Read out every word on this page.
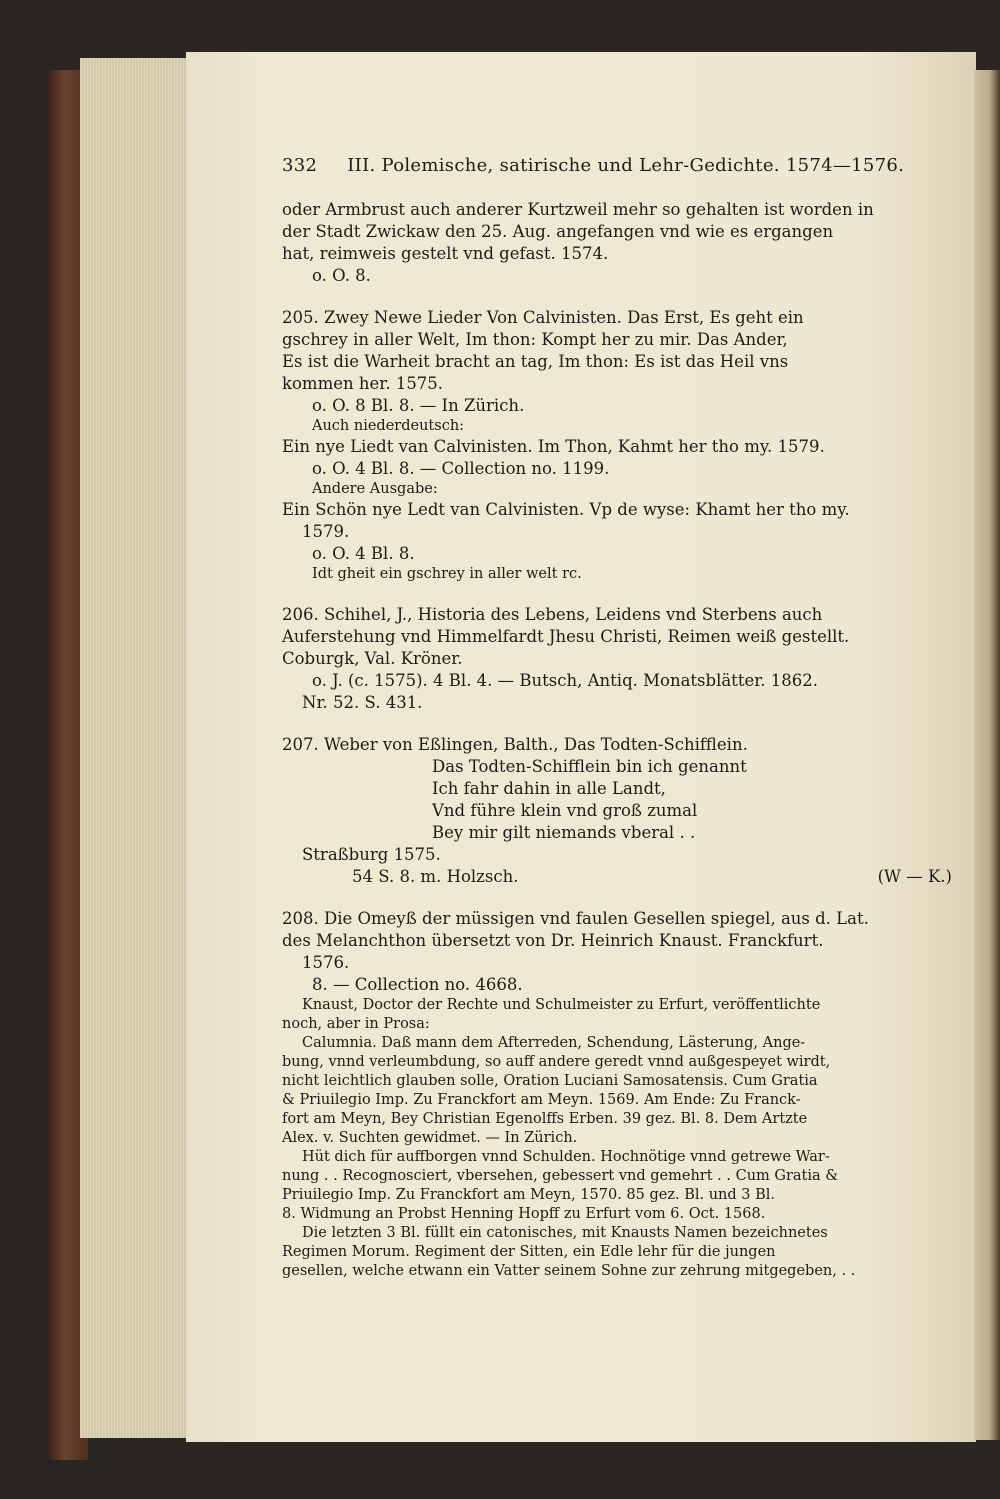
332 III. Polemische, satirische und Lehr-Gedichte. 1574—1576.

oder Armbrust auch anderer Kurtzweil mehr so gehalten ist worden in

der Stadt Zwickaw den 25. Aug. angefangen vnd wie es ergangen

hat, reimweis gestelt vnd gefast. 1574.

o. O. 8.

205. Zwey Newe Lieder Von Calvinisten. Das Erst, Es geht ein

gschrey in aller Welt, Im thon: Kompt her zu mir. Das Ander,

Es ist die Warheit bracht an tag, Im thon: Es ist das Heil vns

kommen her. 1575.

o. O. 8 Bl. 8. — In Zürich.

Auch niederdeutsch:

Ein nye Liedt van Calvinisten. Im Thon, Kahmt her tho my. 1579.

o. O. 4 Bl. 8. — Collection no. 1199.

Andere Ausgabe:

Ein Schön nye Ledt van Calvinisten. Vp de wyse: Khamt her tho my.

1579.

o. O. 4 Bl. 8.

Idt gheit ein gschrey in aller welt rc.

206. Schihel, J., Historia des Lebens, Leidens vnd Sterbens auch

Auferstehung vnd Himmelfardt Jhesu Christi, Reimen weiß gestellt.

Coburgk, Val. Kröner.

o. J. (c. 1575). 4 Bl. 4. — Butsch, Antiq. Monatsblätter. 1862.

Nr. 52. S. 431.

207. Weber von Eßlingen, Balth., Das Todten-Schifflein.

Das Todten-Schifflein bin ich genannt

Ich fahr dahin in alle Landt,

Vnd führe klein vnd groß zumal

Bey mir gilt niemands vberal . .

Straßburg 1575.

54 S. 8. m. Holzsch.	(W — K.)

208. Die Omeyß der müssigen vnd faulen Gesellen spiegel, aus d. Lat.

des Melanchthon übersetzt von Dr. Heinrich Knaust. Franckfurt.

1576.

8. — Collection no. 4668.

Knaust, Doctor der Rechte und Schulmeister zu Erfurt, veröffentlichte

noch, aber in Prosa:

Calumnia. Daß mann dem Afterreden, Schendung, Lästerung, Ange-

bung, vnnd verleumbdung, so auff andere geredt vnnd außgespeyet wirdt,

nicht leichtlich glauben solle, Oration Luciani Samosatensis. Cum Gratia

& Priuilegio Imp. Zu Franckfort am Meyn. 1569. Am Ende: Zu Franck-

fort am Meyn, Bey Christian Egenolffs Erben. 39 gez. Bl. 8. Dem Artzte

Alex. v. Suchten gewidmet. — In Zürich.

Hüt dich für auffborgen vnnd Schulden. Hochnötige vnnd getrewe War-

nung . . Recognosciert, vbersehen, gebessert vnd gemehrt . . Cum Gratia &

Priuilegio Imp. Zu Franckfort am Meyn, 1570. 85 gez. Bl. und 3 Bl.

8. Widmung an Probst Henning Hopff zu Erfurt vom 6. Oct. 1568.

Die letzten 3 Bl. füllt ein catonisches, mit Knausts Namen bezeichnetes

Regimen Morum. Regiment der Sitten, ein Edle lehr für die jungen

gesellen, welche etwann ein Vatter seinem Sohne zur zehrung mitgegeben, . .
